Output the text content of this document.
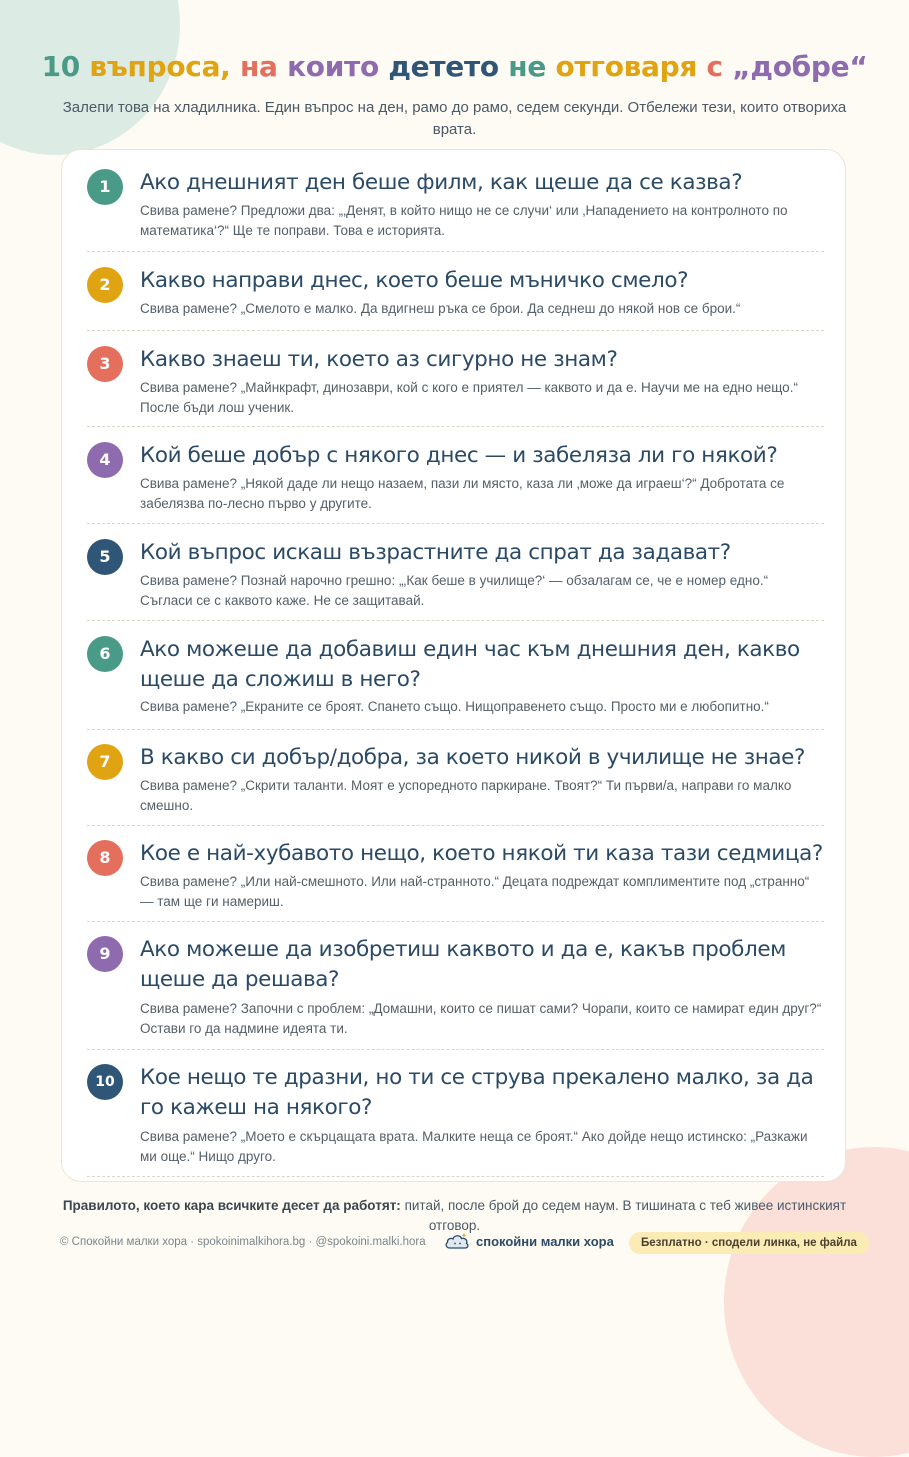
10 въпроса, на които детето не отговаря с „добре“
Залепи това на хладилника. Един въпрос на ден, рамо до рамо, седем секунди. Отбележи тези, които отвориха врата.
1	Ако днешният ден беше филм, как щеше да се казва?
Свива рамене? Предложи два: „‚Денят, в който нищо не се случи‘ или ‚Нападението на контролното по математика‘?“ Ще те поправи. Това е историята.
2	Какво направи днес, което беше мъничко смело?
Свива рамене? „Смелото е малко. Да вдигнеш ръка се брои. Да седнеш до някой нов се брои.“
3	Какво знаеш ти, което аз сигурно не знам?
Свива рамене? „Майнкрафт, динозаври, кой с кого е приятел — каквото и да е. Научи ме на едно нещо.“ После бъди лош ученик.
4	Кой беше добър с някого днес — и забеляза ли го някой?
Свива рамене? „Някой даде ли нещо назаем, пази ли място, каза ли ‚може да играеш‘?“ Добротата се забелязва по-лесно първо у другите.
5	Кой въпрос искаш възрастните да спрат да задават?
Свива рамене? Познай нарочно грешно: „‚Как беше в училище?‘ — обзалагам се, че е номер едно.“ Съгласи се с каквото каже. Не се защитавай.
6	Ако можеше да добавиш един час към днешния ден, какво щеше да сложиш в него?
Свива рамене? „Екраните се броят. Спането също. Нищоправенето също. Просто ми е любопитно.“
7	В какво си добър/добра, за което никой в училище не знае?
Свива рамене? „Скрити таланти. Моят е успоредното паркиране. Твоят?“ Ти първи/а, направи го малко смешно.
8	Кое е най-хубавото нещо, което някой ти каза тази седмица?
Свива рамене? „Или най-смешното. Или най-странното.“ Децата подреждат комплиментите под „странно“ — там ще ги намериш.
9	Ако можеше да изобретиш каквото и да е, какъв проблем щеше да решава?
Свива рамене? Започни с проблем: „Домашни, които се пишат сами? Чорапи, които се намират един друг?“ Остави го да надмине идеята ти.
10	Кое нещо те дразни, но ти се струва прекалено малко, за да го кажеш на някого?
Свива рамене? „Моето е скърцащата врата. Малките неща се броят.“ Ако дойде нещо истинско: „Разкажи ми още.“ Нищо друго.
Правилото, което кара всичките десет да работят: питай, после брой до седем наум. В тишината с теб живее истинският отговор.
© Спокойни малки хора · spokoinimalkihora.bg · @spokoini.malki.hora	спокойни малки хора	Безплатно · сподели линка, не файла
